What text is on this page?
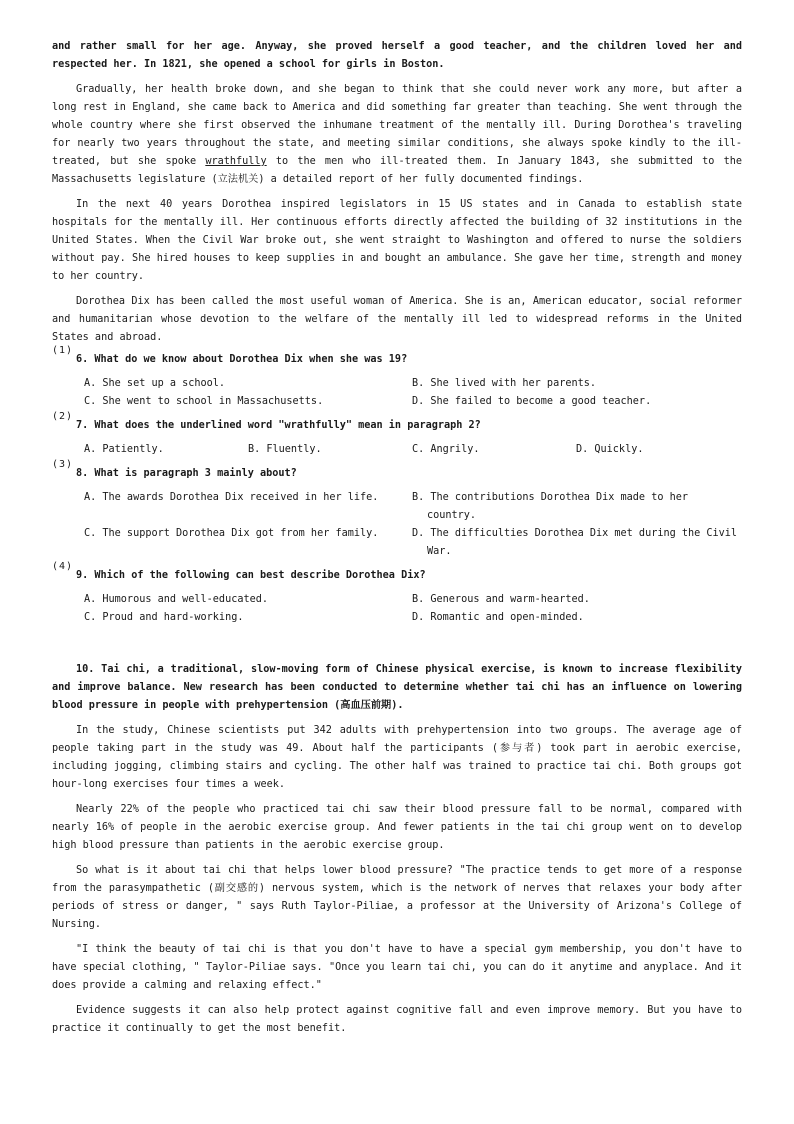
and rather small for her age. Anyway, she proved herself a good teacher, and the children loved her and respected her. In 1821, she opened a school for girls in Boston.

Gradually, her health broke down, and she began to think that she could never work any more, but after a long rest in England, she came back to America and did something far greater than teaching. She went through the whole country where she first observed the inhumane treatment of the mentally ill. During Dorothea's traveling for nearly two years throughout the state, and meeting similar conditions, she always spoke kindly to the ill-treated, but she spoke wrathfully to the men who ill-treated them. In January 1843, she submitted to the Massachusetts legislature (立法机关) a detailed report of her fully documented findings.

In the next 40 years Dorothea inspired legislators in 15 US states and in Canada to establish state hospitals for the mentally ill. Her continuous efforts directly affected the building of 32 institutions in the United States. When the Civil War broke out, she went straight to Washington and offered to nurse the soldiers without pay. She hired houses to keep supplies in and bought an ambulance. She gave her time, strength and money to her country.

Dorothea Dix has been called the most useful woman of America. She is an, American educator, social reformer and humanitarian whose devotion to the welfare of the mentally ill led to widespread reforms in the United States and abroad.

(1)
6. What do we know about Dorothea Dix when she was 19?
A. She set up a school.	B. She lived with her parents.
C. She went to school in Massachusetts.	D. She failed to become a good teacher.
(2)
7. What does the underlined word "wrathfully" mean in paragraph 2?
A. Patiently.	B. Fluently.	C. Angrily.	D. Quickly.
(3)
8. What is paragraph 3 mainly about?
A. The awards Dorothea Dix received in her life.	B. The contributions Dorothea Dix made to her
country.
C. The support Dorothea Dix got from her family.	D. The difficulties Dorothea Dix met during the Civil
War.
(4)
9. Which of the following can best describe Dorothea Dix?
A. Humorous and well-educated.	B. Generous and warm-hearted.
C. Proud and hard-working.	D. Romantic and open-minded.

10. Tai chi, a traditional, slow-moving form of Chinese physical exercise, is known to increase flexibility and improve balance. New research has been conducted to determine whether tai chi has an influence on lowering blood pressure in people with prehypertension (高血压前期).

In the study, Chinese scientists put 342 adults with prehypertension into two groups. The average age of people taking part in the study was 49. About half the participants (参与者) took part in aerobic exercise, including jogging, climbing stairs and cycling. The other half was trained to practice tai chi. Both groups got hour-long exercises four times a week.

Nearly 22% of the people who practiced tai chi saw their blood pressure fall to be normal, compared with nearly 16% of people in the aerobic exercise group. And fewer patients in the tai chi group went on to develop high blood pressure than patients in the aerobic exercise group.

So what is it about tai chi that helps lower blood pressure? "The practice tends to get more of a response from the parasympathetic (副交感的) nervous system, which is the network of nerves that relaxes your body after periods of stress or danger, " says Ruth Taylor-Piliae, a professor at the University of Arizona's College of Nursing.

"I think the beauty of tai chi is that you don't have to have a special gym membership, you don't have to have special clothing, " Taylor-Piliae says. "Once you learn tai chi, you can do it anytime and anyplace. And it does provide a calming and relaxing effect."

Evidence suggests it can also help protect against cognitive fall and even improve memory. But you have to practice it continually to get the most benefit.
